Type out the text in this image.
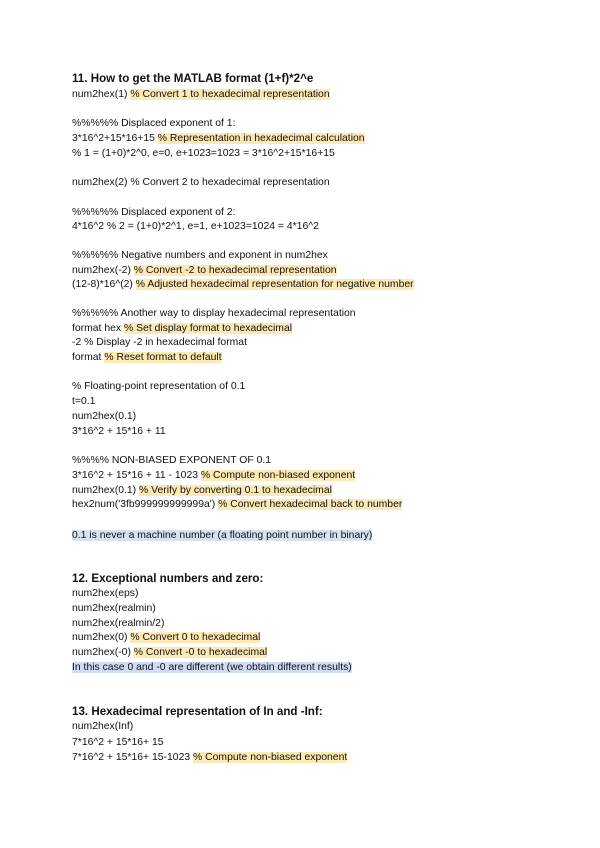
11. How to get the MATLAB format (1+f)*2^e
num2hex(1) % Convert 1 to hexadecimal representation
%%%%% Displaced exponent of 1:
3*16^2+15*16+15 % Representation in hexadecimal calculation
% 1 = (1+0)*2^0, e=0, e+1023=1023 = 3*16^2+15*16+15
num2hex(2) % Convert 2 to hexadecimal representation
%%%%% Displaced exponent of 2:
4*16^2 % 2 = (1+0)*2^1, e=1, e+1023=1024 = 4*16^2
%%%%% Negative numbers and exponent in num2hex
num2hex(-2) % Convert -2 to hexadecimal representation
(12-8)*16^(2) % Adjusted hexadecimal representation for negative number
%%%%% Another way to display hexadecimal representation
format hex % Set display format to hexadecimal
-2 % Display -2 in hexadecimal format
format % Reset format to default
% Floating-point representation of 0.1
t=0.1
num2hex(0.1)
3*16^2 + 15*16 + 11
%%%% NON-BIASED EXPONENT OF 0.1
3*16^2 + 15*16 + 11 - 1023 % Compute non-biased exponent
num2hex(0.1) % Verify by converting 0.1 to hexadecimal
hex2num('3fb999999999999a') % Convert hexadecimal back to number
0.1 is never a machine number (a floating point number in binary)
12. Exceptional numbers and zero:
num2hex(eps)
num2hex(realmin)
num2hex(realmin/2)
num2hex(0) % Convert 0 to hexadecimal
num2hex(-0) % Convert -0 to hexadecimal
In this case 0 and -0 are different (we obtain different results)
13. Hexadecimal representation of In and -Inf:
num2hex(Inf)
7*16^2 + 15*16+ 15
7*16^2 + 15*16+ 15-1023 % Compute non-biased exponent
